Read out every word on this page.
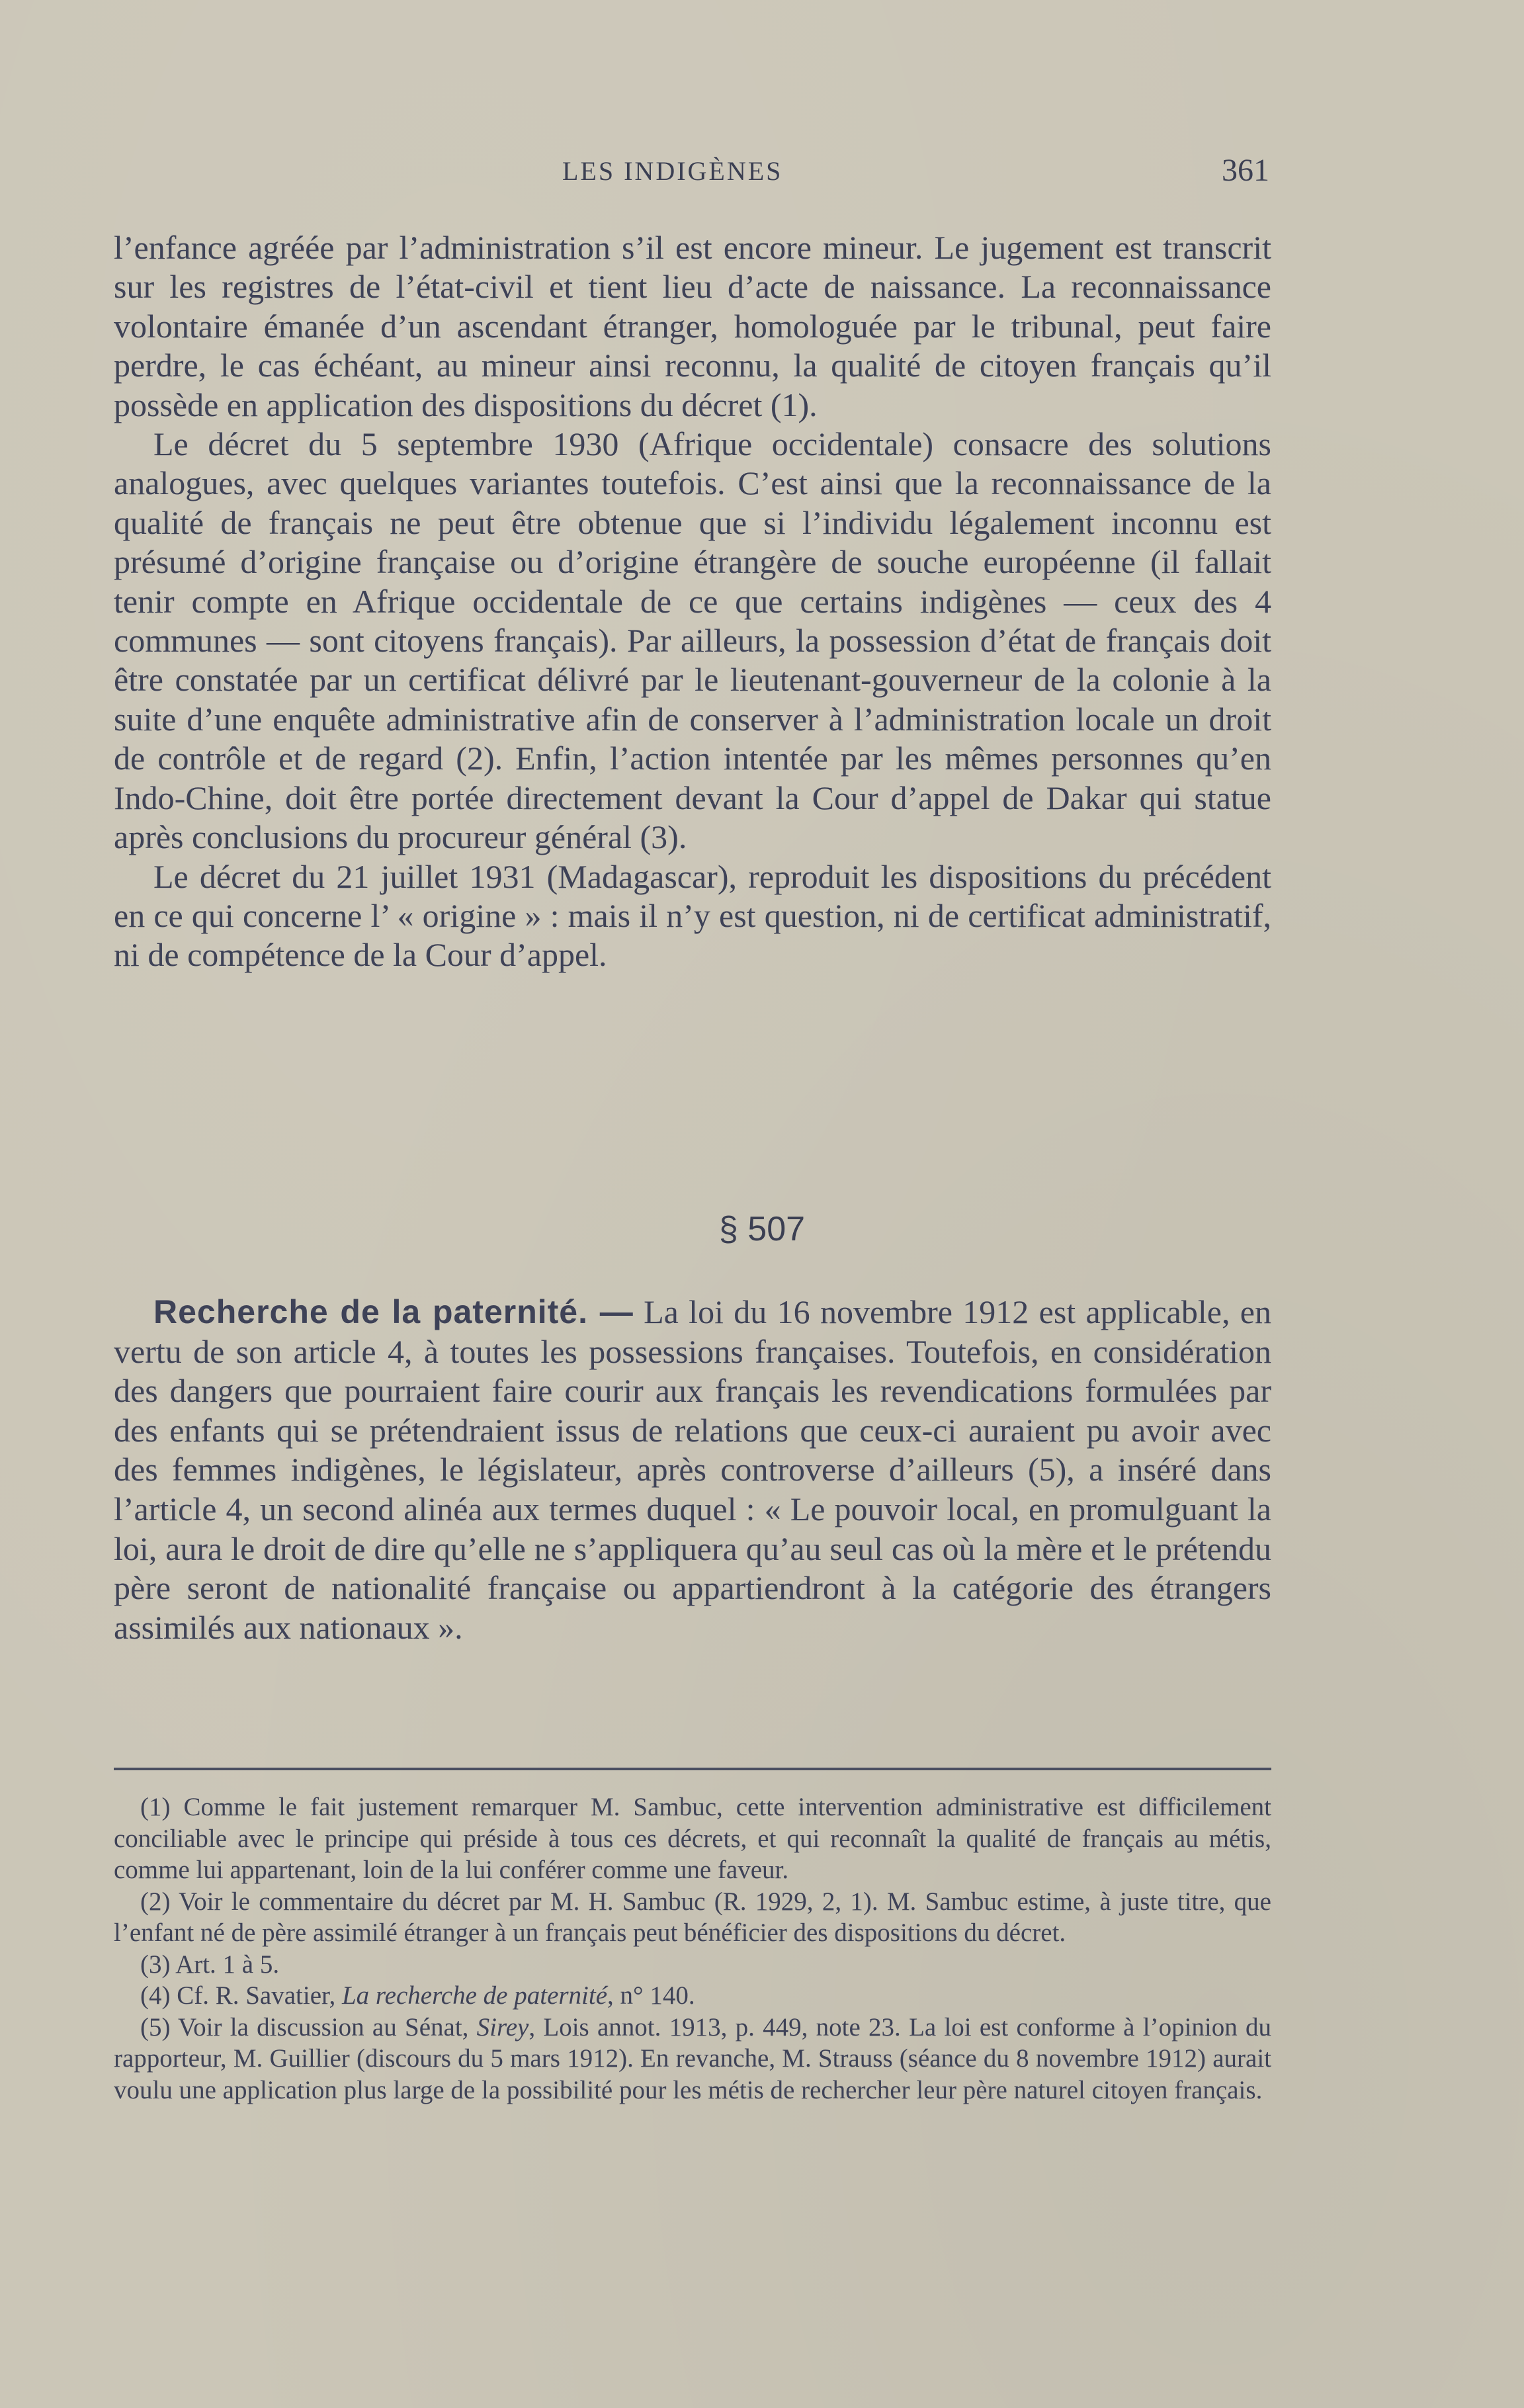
LES INDIGÈNES	361

l’enfance agréée par l’administration s’il est encore mineur. Le jugement est transcrit sur les registres de l’état-civil et tient lieu d’acte de naissance. La reconnaissance volontaire émanée d’un ascendant étranger, homologuée par le tribunal, peut faire perdre, le cas échéant, au mineur ainsi reconnu, la qualité de citoyen français qu’il possède en application des dispositions du décret (1).

Le décret du 5 septembre 1930 (Afrique occidentale) consacre des solutions analogues, avec quelques variantes toutefois. C’est ainsi que la reconnaissance de la qualité de français ne peut être obtenue que si l’individu légalement inconnu est présumé d’origine française ou d’origine étrangère de souche européenne (il fallait tenir compte en Afrique occidentale de ce que certains indigènes — ceux des 4 communes — sont citoyens français). Par ailleurs, la possession d’état de français doit être constatée par un certificat délivré par le lieutenant-gouverneur de la colonie à la suite d’une enquête administrative afin de conserver à l’administration locale un droit de contrôle et de regard (2). Enfin, l’action intentée par les mêmes personnes qu’en Indo-Chine, doit être portée directement devant la Cour d’appel de Dakar qui statue après conclusions du procureur général (3).

Le décret du 21 juillet 1931 (Madagascar), reproduit les dispositions du précédent en ce qui concerne l’ « origine » : mais il n’y est question, ni de certificat administratif, ni de compétence de la Cour d’appel.

§ 507

Recherche de la paternité. — La loi du 16 novembre 1912 est applicable, en vertu de son article 4, à toutes les possessions françaises. Toutefois, en considération des dangers que pourraient faire courir aux français les revendications formulées par des enfants qui se prétendraient issus de relations que ceux-ci auraient pu avoir avec des femmes indigènes, le législateur, après controverse d’ailleurs (5), a inséré dans l’article 4, un second alinéa aux termes duquel : « Le pouvoir local, en promulguant la loi, aura le droit de dire qu’elle ne s’appliquera qu’au seul cas où la mère et le prétendu père seront de nationalité française ou appartiendront à la catégorie des étrangers assimilés aux nationaux ».

(1) Comme le fait justement remarquer M. Sambuc, cette intervention administrative est difficilement conciliable avec le principe qui préside à tous ces décrets, et qui reconnaît la qualité de français au métis, comme lui appartenant, loin de la lui conférer comme une faveur.

(2) Voir le commentaire du décret par M. H. Sambuc (R. 1929, 2, 1). M. Sambuc estime, à juste titre, que l’enfant né de père assimilé étranger à un français peut bénéficier des dispositions du décret.

(3) Art. 1 à 5.

(4) Cf. R. Savatier, La recherche de paternité, n° 140.

(5) Voir la discussion au Sénat, Sirey, Lois annot. 1913, p. 449, note 23. La loi est conforme à l’opinion du rapporteur, M. Guillier (discours du 5 mars 1912). En revanche, M. Strauss (séance du 8 novembre 1912) aurait voulu une application plus large de la possibilité pour les métis de rechercher leur père naturel citoyen français.
